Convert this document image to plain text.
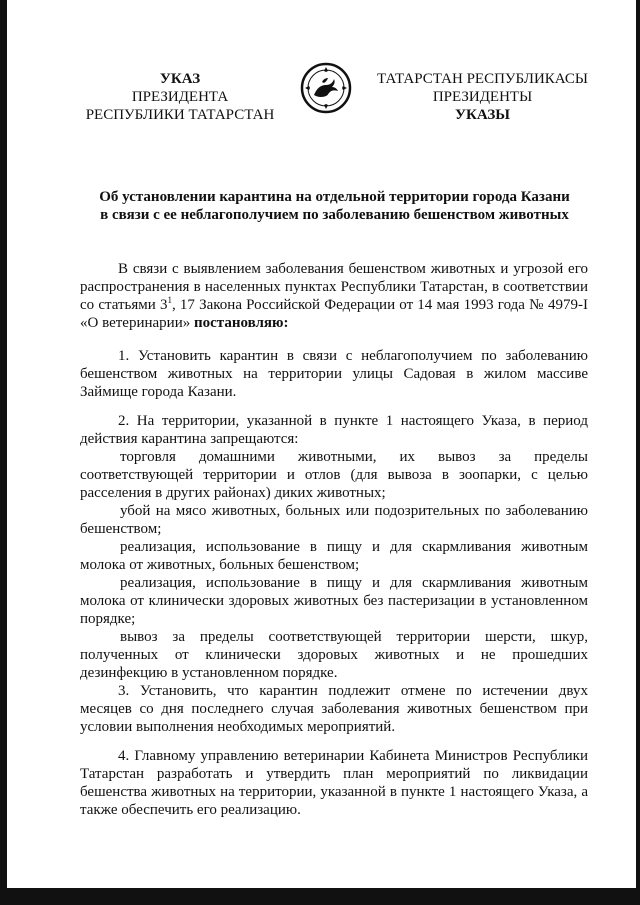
УКАЗ
ПРЕЗИДЕНТА
РЕСПУБЛИКИ ТАТАРСТАН
ТАТАРСТАН РЕСПУБЛИКАСЫ
ПРЕЗИДЕНТЫ
УКАЗЫ
Об установлении карантина на отдельной территории города Казани
в связи с ее неблагополучием по заболеванию бешенством животных

В связи с выявлением заболевания бешенством животных и угрозой его распространения в населенных пунктах Республики Татарстан, в соответствии со статьями $3^1$, 17 Закона Российской Федерации от 14 мая 1993 года № 4979-I «О ветеринарии» постановляю:

1. Установить карантин в связи с неблагополучием по заболеванию бешенством животных на территории улицы Садовая в жилом массиве Займище города Казани.

2. На территории, указанной в пункте 1 настоящего Указа, в период действия карантина запрещаются:

торговля домашними животными, их вывоз за пределы соответствующей территории и отлов (для вывоза в зоопарки, с целью расселения в других районах) диких животных;

убой на мясо животных, больных или подозрительных по заболеванию бешенством;

реализация, использование в пищу и для скармливания животным молока от животных, больных бешенством;

реализация, использование в пищу и для скармливания животным молока от клинически здоровых животных без пастеризации в установленном порядке;

вывоз за пределы соответствующей территории шерсти, шкур, полученных от клинически здоровых животных и не прошедших дезинфекцию в установленном порядке.

3. Установить, что карантин подлежит отмене по истечении двух месяцев со дня последнего случая заболевания животных бешенством при условии выполнения необходимых мероприятий.

4. Главному управлению ветеринарии Кабинета Министров Республики Татарстан разработать и утвердить план мероприятий по ликвидации бешенства животных на территории, указанной в пункте 1 настоящего Указа, а также обеспечить его реализацию.
